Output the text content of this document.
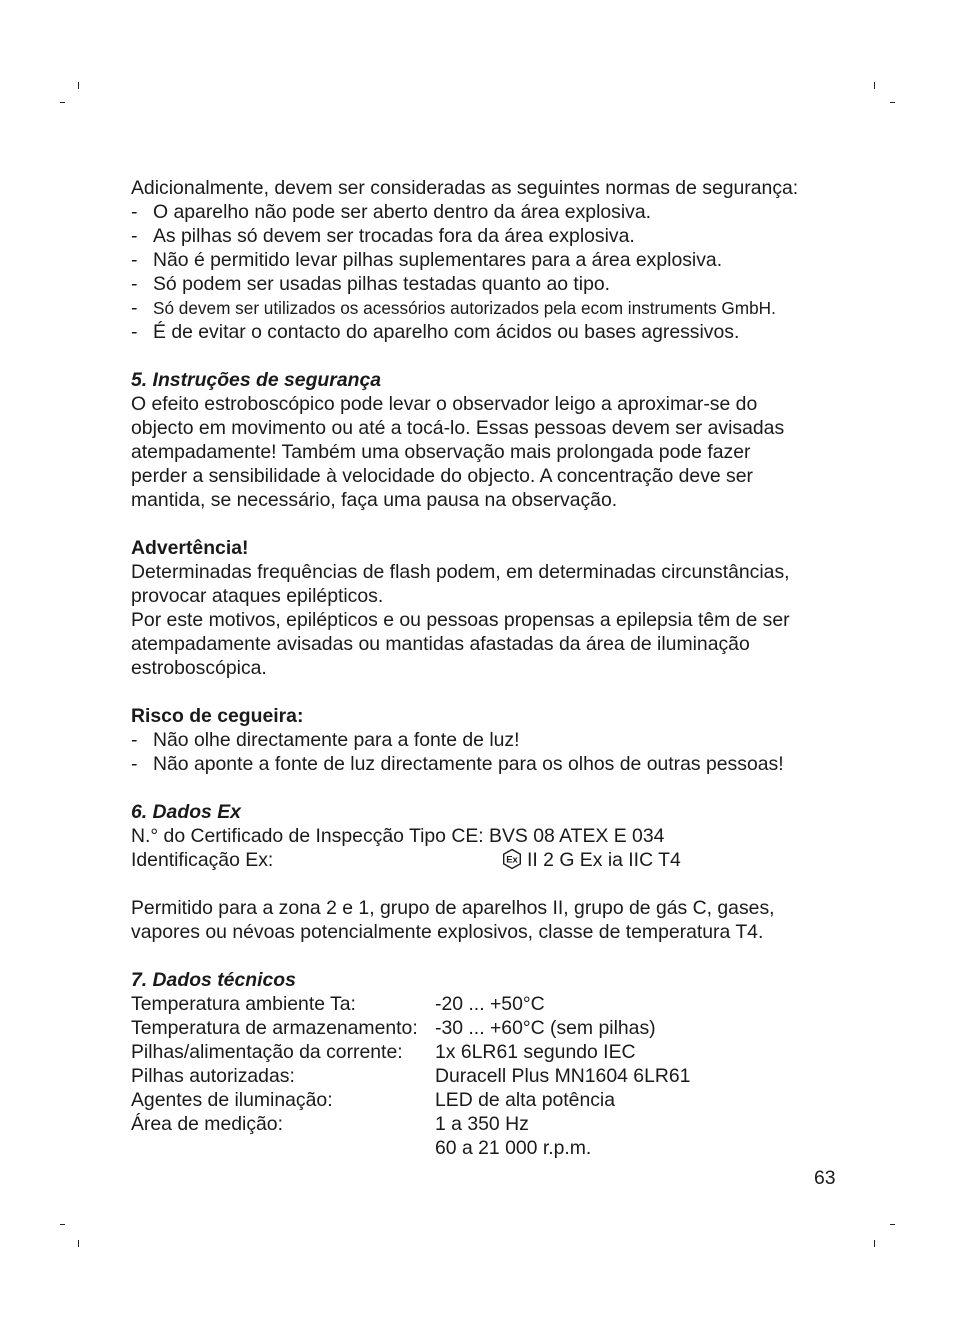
Adicionalmente, devem ser consideradas as seguintes normas de segurança:

- O aparelho não pode ser aberto dentro da área explosiva.
- As pilhas só devem ser trocadas fora da área explosiva.
- Não é permitido levar pilhas suplementares para a área explosiva.
- Só podem ser usadas pilhas testadas quanto ao tipo.
- Só devem ser utilizados os acessórios autorizados pela ecom instruments GmbH.
- É de evitar o contacto do aparelho com ácidos ou bases agressivos.

5. Instruções de segurança

O efeito estroboscópico pode levar o observador leigo a aproximar-se do

objecto em movimento ou até a tocá-lo. Essas pessoas devem ser avisadas

atempadamente! Também uma observação mais prolongada pode fazer

perder a sensibilidade à velocidade do objecto. A concentração deve ser

mantida, se necessário, faça uma pausa na observação.

Advertência!

Determinadas frequências de flash podem, em determinadas circunstâncias,

provocar ataques epilépticos.

Por este motivos, epilépticos e ou pessoas propensas a epilepsia têm de ser

atempadamente avisadas ou mantidas afastadas da área de iluminação

estroboscópica.

Risco de cegueira:

- Não olhe directamente para a fonte de luz!
- Não aponte a fonte de luz directamente para os olhos de outras pessoas!

6. Dados Ex

N.° do Certificado de Inspecção Tipo CE: BVS 08 ATEX E 034

Identificação Ex:	Ex II 2 G Ex ia IIC T4

Permitido para a zona 2 e 1, grupo de aparelhos II, grupo de gás C, gases,

vapores ou névoas potencialmente explosivos, classe de temperatura T4.

7. Dados técnicos

Temperatura ambiente Ta:	-20 ... +50°C
Temperatura de armazenamento: -30 ... +60°C (sem pilhas)
Pilhas/alimentação da corrente:	1x 6LR61 segundo IEC
Pilhas autorizadas:	Duracell Plus MN1604 6LR61
Agentes de iluminação:	LED de alta potência
Área de medição:	1 a 350 Hz
60 a 21 000 r.p.m.
63
